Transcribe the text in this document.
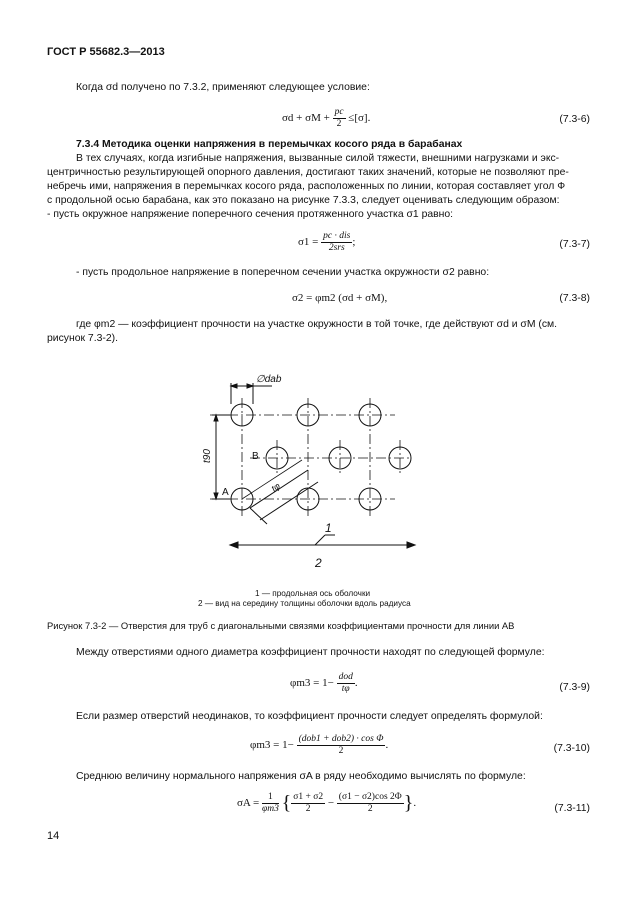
ГОСТ Р 55682.3—2013
Когда σd получено по 7.3.2, применяют следующее условие:
$\sigma d + \sigma M + \frac{pc}{2} \le[\sigma]$.	(7.3-6)
7.3.4 Методика оценки напряжения в перемычках косого ряда в барабанах
В тех случаях, когда изгибные напряжения, вызванные силой тяжести, внешними нагрузками и экс-
центричностью результирующей опорного давления, достигают таких значений, которые не позволяют пре-
небречь ими, напряжения в перемычках косого ряда, расположенных по линии, которая составляет угол Ф
с продольной осью барабана, как это показано на рисунке 7.3.3, следует оценивать следующим образом:
- пусть окружное напряжение поперечного сечения протяженного участка σ1 равно:
$\sigma 1 = \frac{\text{pc · dis}}{\text{2srs}}$ ;	(7.3-7)
- пусть продольное напряжение в поперечном сечении участка окружности σ2 равно:
σ2 = φm2 (σd + σM),	(7.3-8)
где φm2 — коэффициент прочности на участке окружности в той точке, где действуют σd и σM (см.
рисунок 7.3-2).
∅dab
t90
tφ
A
B
1
2
1 — продольная ось оболочки
2 — вид на середину толщины оболочки вдоль радиуса
Рисунок 7.3-2 — Отверстия для труб с диагональными связями коэффициентами прочности для линии АВ
Между отверстиями одного диаметра коэффициент прочности находят по следующей формуле:
$\varphi m3 = 1- \frac{\text{dod}}{t\varphi}$ .	(7.3-9)
Если размер отверстий неодинаков, то коэффициент прочности следует определять формулой:
$\varphi m3 = 1- \frac{\text{(dob1 + dob2) · cos Φ}}{2}$ .	(7.3-10)
Среднюю величину нормального напряжения σA в ряду необходимо вычислять по формуле:
$\sigma A = \frac{1}{\varphi m3}$ { $\frac{\sigma 1 + \sigma 2}{2} - \frac{(\sigma 1 - \sigma 2)\cos 2\Phi}{2}$ }.	(7.3-11)
14
